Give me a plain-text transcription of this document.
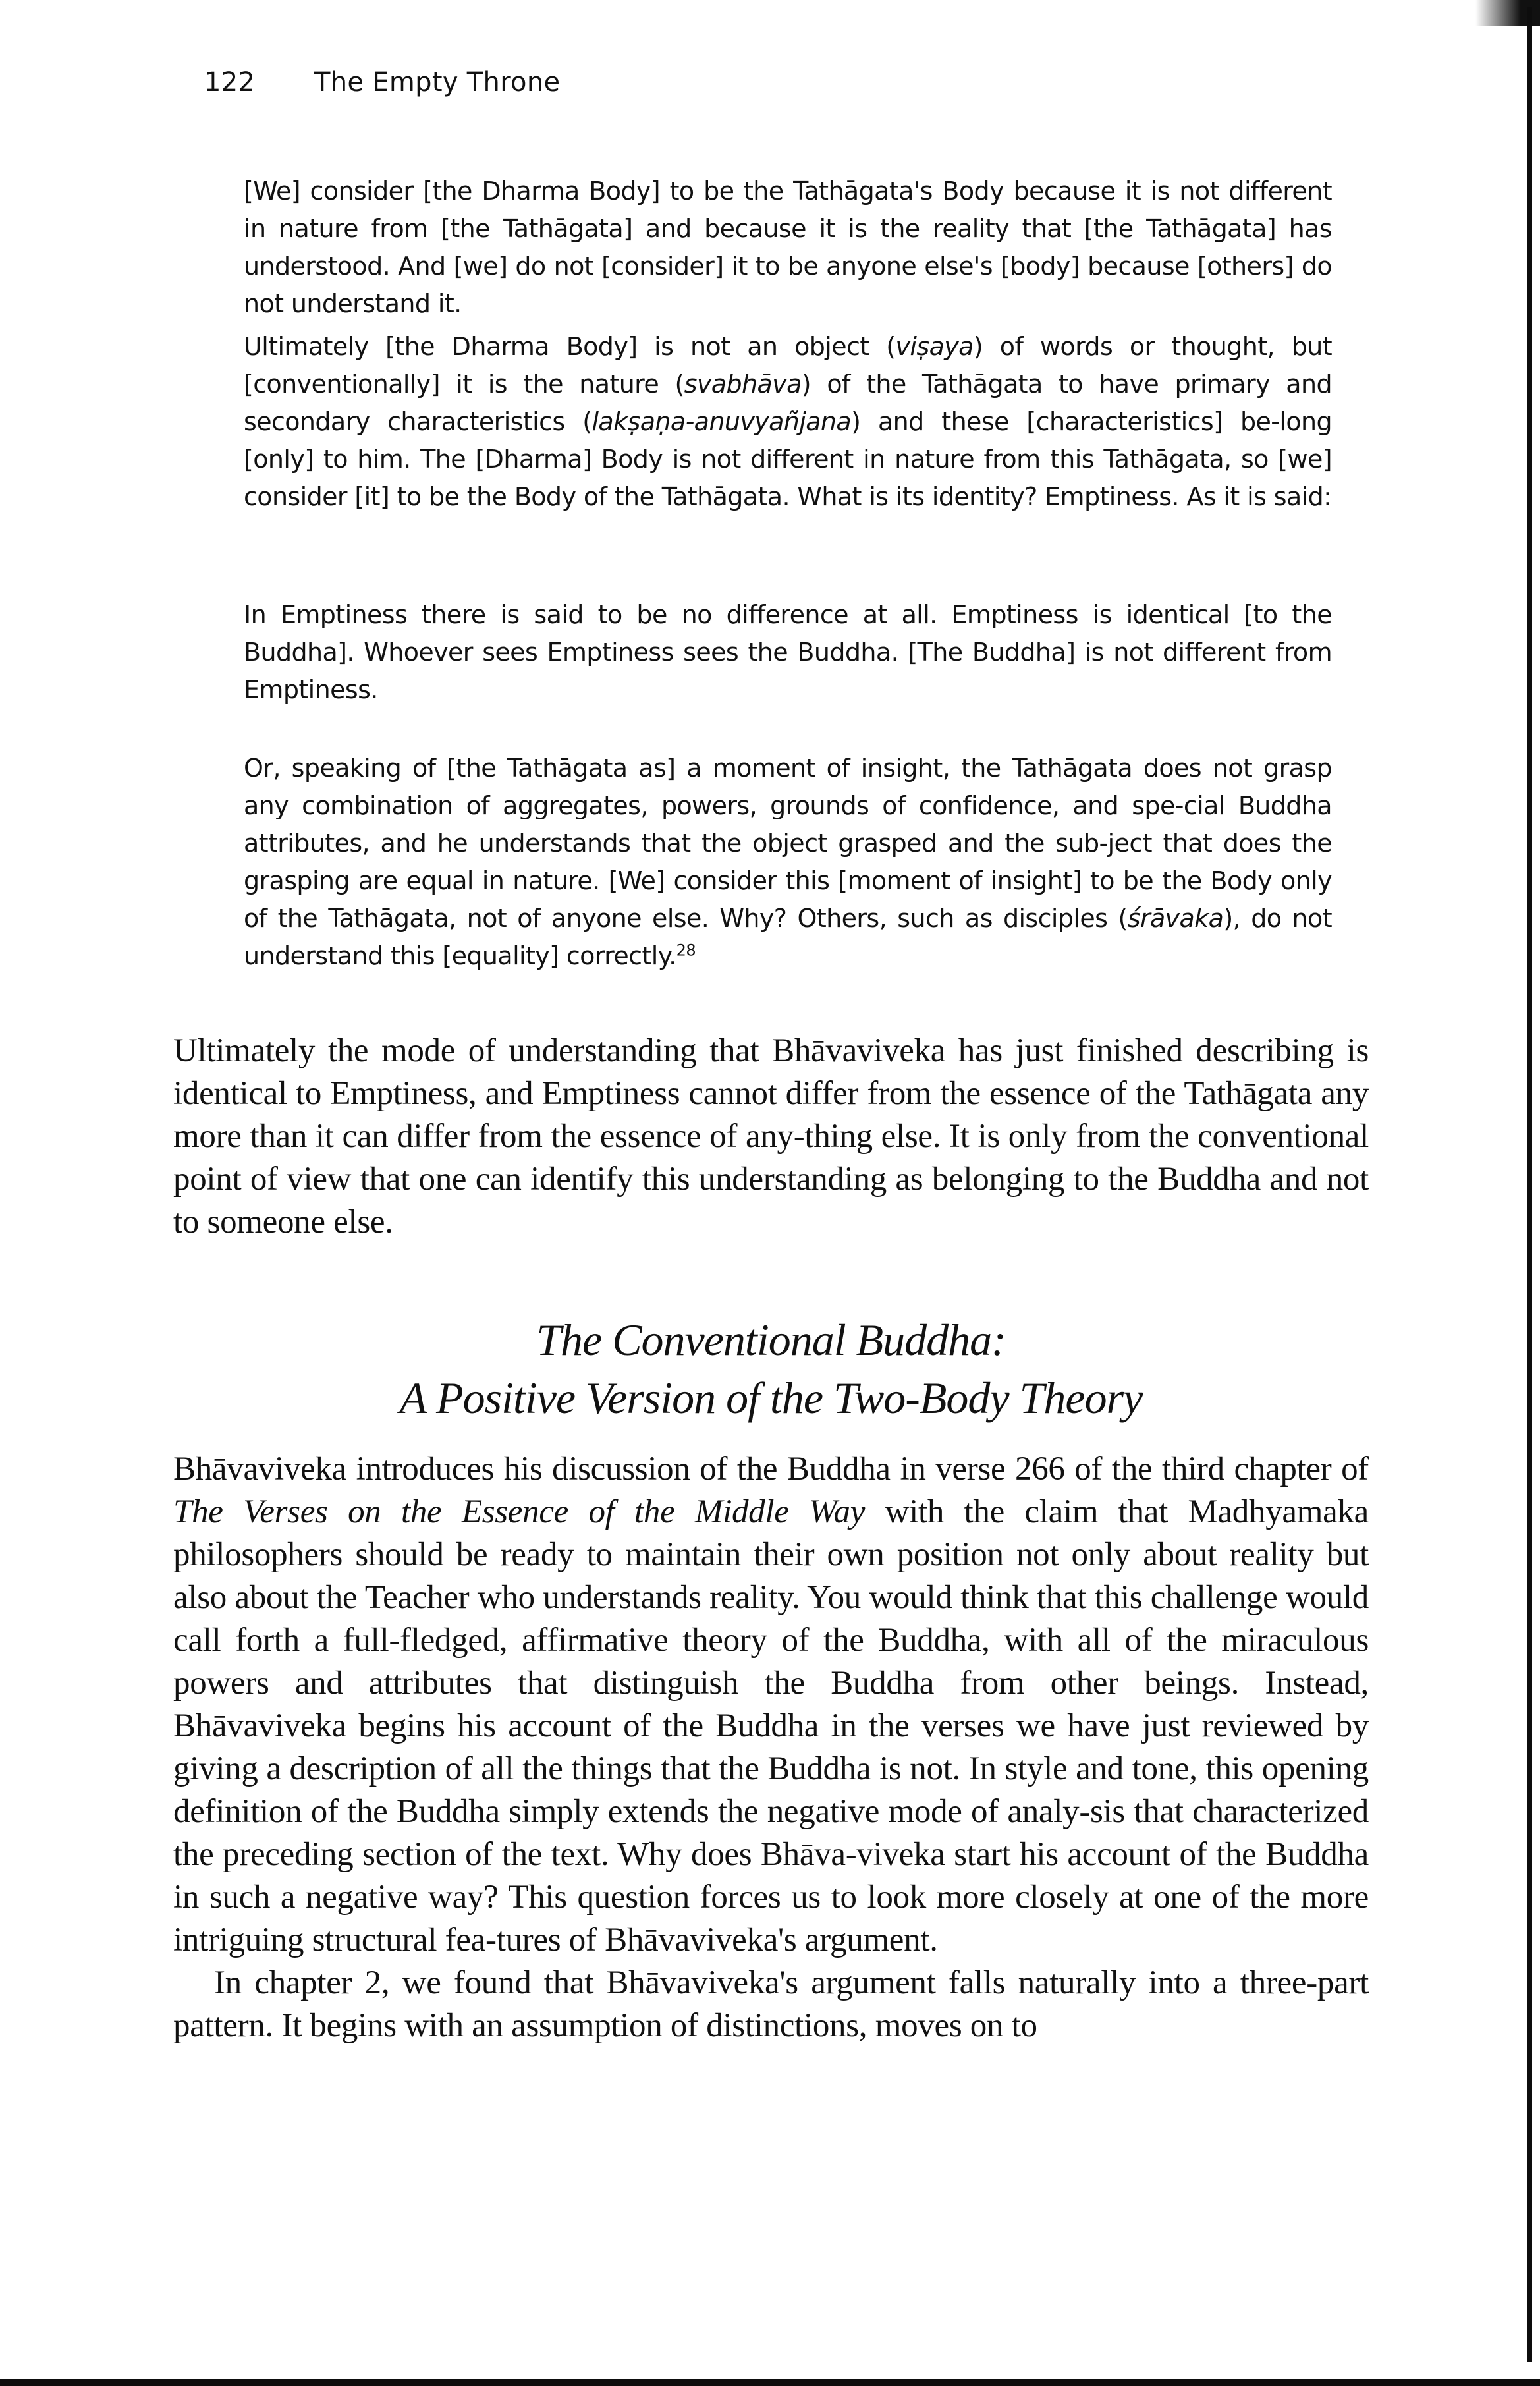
122 The Empty Throne

[We] consider [the Dharma Body] to be the Tathāgata's Body because it is not different in nature from [the Tathāgata] and because it is the reality that [the Tathāgata] has understood. And [we] do not [consider] it to be anyone else's [body] because [others] do not understand it.

Ultimately [the Dharma Body] is not an object (viṣaya) of words or thought, but [conventionally] it is the nature (svabhāva) of the Tathāgata to have primary and secondary characteristics (lakṣaṇa-anuvyañjana) and these [characteristics] be-long [only] to him. The [Dharma] Body is not different in nature from this Tathāgata, so [we] consider [it] to be the Body of the Tathāgata. What is its identity? Emptiness. As it is said:

In Emptiness there is said to be no difference at all. Emptiness is identical [to the Buddha]. Whoever sees Emptiness sees the Buddha. [The Buddha] is not different from Emptiness.

Or, speaking of [the Tathāgata as] a moment of insight, the Tathāgata does not grasp any combination of aggregates, powers, grounds of confidence, and spe-cial Buddha attributes, and he understands that the object grasped and the sub-ject that does the grasping are equal in nature. [We] consider this [moment of insight] to be the Body only of the Tathāgata, not of anyone else. Why? Others, such as disciples (śrāvaka), do not understand this [equality] correctly.$^{28}$

Ultimately the mode of understanding that Bhāvaviveka has just finished describing is identical to Emptiness, and Emptiness cannot differ from the essence of the Tathāgata any more than it can differ from the essence of any-thing else. It is only from the conventional point of view that one can identify this understanding as belonging to the Buddha and not to someone else.

The Conventional Buddha:
A Positive Version of the Two-Body Theory

Bhāvaviveka introduces his discussion of the Buddha in verse 266 of the third chapter of The Verses on the Essence of the Middle Way with the claim that Madhyamaka philosophers should be ready to maintain their own position not only about reality but also about the Teacher who understands reality. You would think that this challenge would call forth a full-fledged, affirmative theory of the Buddha, with all of the miraculous powers and attributes that distinguish the Buddha from other beings. Instead, Bhāvaviveka begins his account of the Buddha in the verses we have just reviewed by giving a description of all the things that the Buddha is not. In style and tone, this opening definition of the Buddha simply extends the negative mode of analy-sis that characterized the preceding section of the text. Why does Bhāva-viveka start his account of the Buddha in such a negative way? This question forces us to look more closely at one of the more intriguing structural fea-tures of Bhāvaviveka's argument.

In chapter 2, we found that Bhāvaviveka's argument falls naturally into a three-part pattern. It begins with an assumption of distinctions, moves on to
